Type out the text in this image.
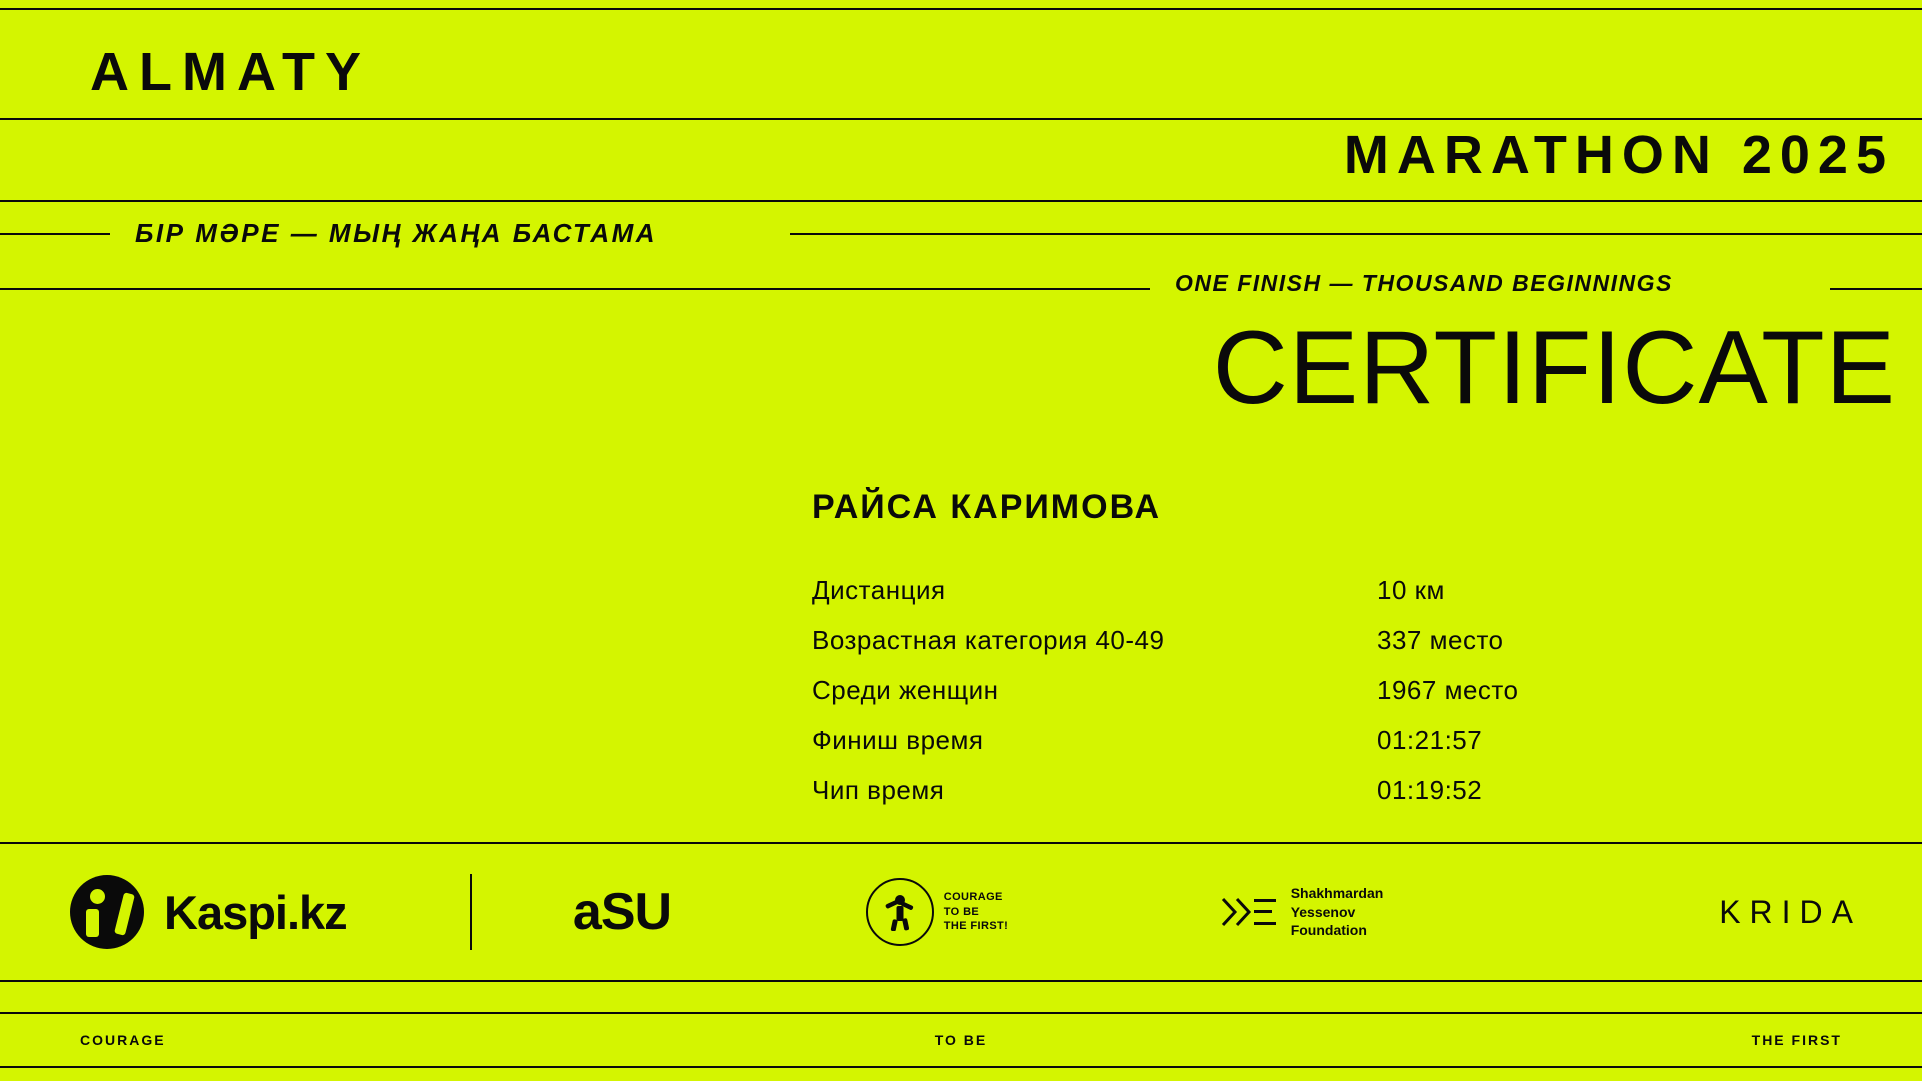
ALMATY
MARATHON 2025
БІР МӘРЕ — МЫҢ ЖАҢА БАСТАМА
ONE FINISH — THOUSAND BEGINNINGS
CERTIFICATE
РАЙСА КАРИМОВА
Дистанция	10 км
Возрастная категория 40-49	337 место
Среди женщин	1967 место
Финиш время	01:21:57
Чип время	01:19:52
Kaspi.kz	aSU	COURAGE
TO BE
THE FIRST!
Shakhmardan
Yessenov
Foundation
KRIDA
COURAGE	TO BE	THE FIRST
